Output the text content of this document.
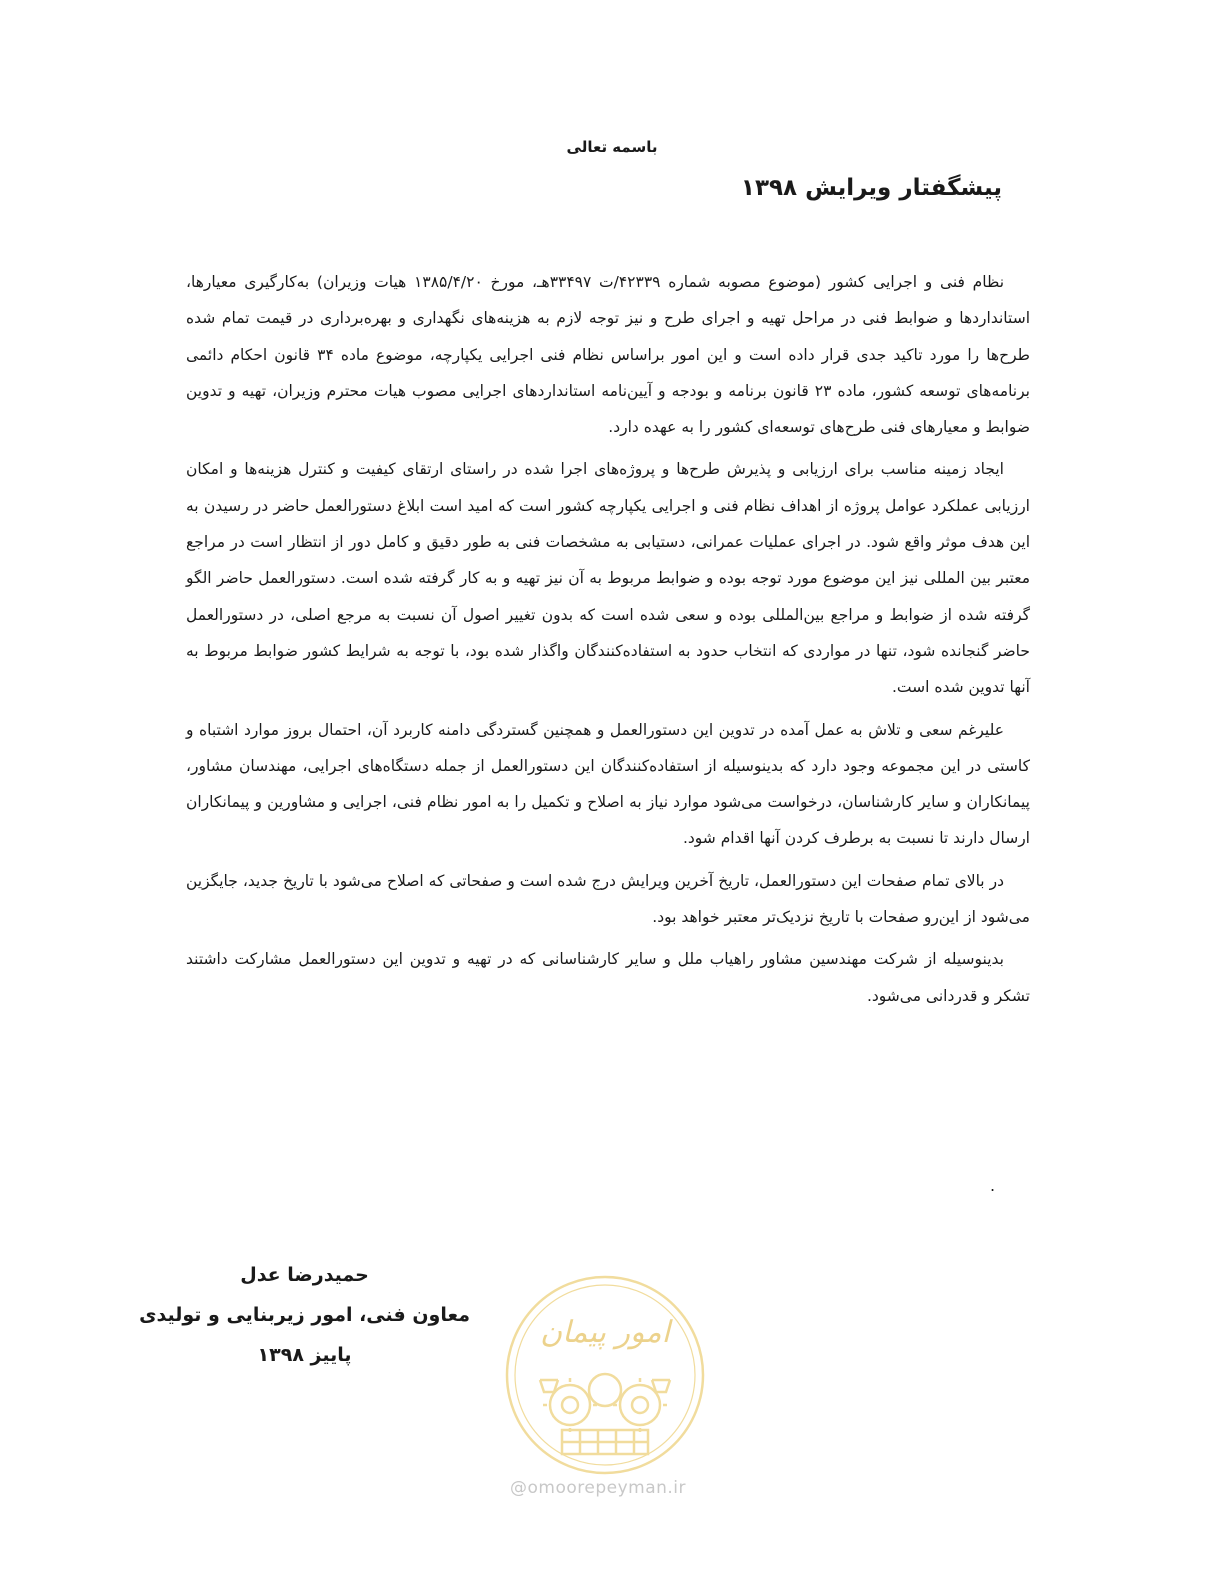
باسمه تعالی
پیشگفتار ویرایش ۱۳۹۸

نظام فنی و اجرایی کشور (موضوع مصوبه شماره ۴۲۳۳۹/ت ۳۳۴۹۷هـ، مورخ ۱۳۸۵/۴/۲۰ هیات وزیران) به‌کارگیری معیارها، استانداردها و ضوابط فنی در مراحل تهیه و اجرای طرح و نیز توجه لازم به هزینه‌های نگهداری و بهره‌برداری در قیمت تمام شده طرح‌ها را مورد تاکید جدی قرار داده است و این امور براساس نظام فنی اجرایی یکپارچه، موضوع ماده ۳۴ قانون احکام دائمی برنامه‌های توسعه کشور، ماده ۲۳ قانون برنامه و بودجه و آیین‌نامه استانداردهای اجرایی مصوب هیات محترم وزیران، تهیه و تدوین ضوابط و معیارهای فنی طرح‌های توسعه‌ای کشور را به عهده دارد.

ایجاد زمینه مناسب برای ارزیابی و پذیرش طرح‌ها و پروژه‌های اجرا شده در راستای ارتقای کیفیت و کنترل هزینه‌ها و امکان ارزیابی عملکرد عوامل پروژه از اهداف نظام فنی و اجرایی یکپارچه کشور است که امید است ابلاغ دستورالعمل حاضر در رسیدن به این هدف موثر واقع شود. در اجرای عملیات عمرانی، دستیابی به مشخصات فنی به طور دقیق و کامل دور از انتظار است در مراجع معتبر بین المللی نیز این موضوع مورد توجه بوده و ضوابط مربوط به آن نیز تهیه و به کار گرفته شده است. دستورالعمل حاضر الگو گرفته شده از ضوابط و مراجع بین‌المللی بوده و سعی شده است که بدون تغییر اصول آن نسبت به مرجع اصلی، در دستورالعمل حاضر گنجانده شود، تنها در مواردی که انتخاب حدود به استفاده‌کنندگان واگذار شده بود، با توجه به شرایط کشور ضوابط مربوط به آنها تدوین شده است.

علیرغم سعی و تلاش به عمل آمده در تدوین این دستورالعمل و همچنین گستردگی دامنه کاربرد آن، احتمال بروز موارد اشتباه و کاستی در این مجموعه وجود دارد که بدینوسیله از استفاده‌کنندگان این دستورالعمل از جمله دستگاه‌های اجرایی، مهندسان مشاور، پیمانکاران و سایر کارشناسان، درخواست می‌شود موارد نیاز به اصلاح و تکمیل را به امور نظام فنی، اجرایی و مشاورین و پیمانکاران ارسال دارند تا نسبت به برطرف کردن آنها اقدام شود.

در بالای تمام صفحات این دستورالعمل، تاریخ آخرین ویرایش درج شده است و صفحاتی که اصلاح می‌شود با تاریخ جدید، جایگزین می‌شود از این‌رو صفحات با تاریخ نزدیک‌تر معتبر خواهد بود.

بدینوسیله از شرکت مهندسین مشاور راهیاب ملل و سایر کارشناسانی که در تهیه و تدوین این دستورالعمل مشارکت داشتند تشکر و قدردانی می‌شود.

.
حمیدرضا عدل
معاون فنی، امور زیربنایی و تولیدی
پاییز ۱۳۹۸
امور پیمان
@omoorepeyman.ir
